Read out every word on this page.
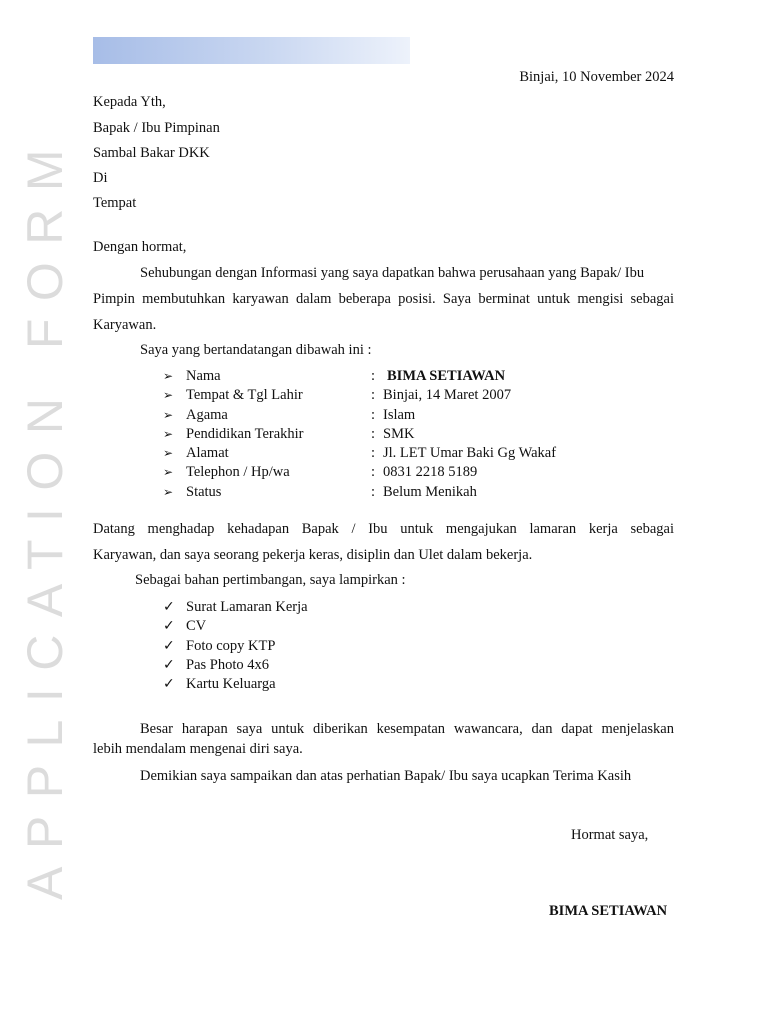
APPLICATION FORM
Binjai, 10 November 2024
Kepada Yth,
Bapak / Ibu Pimpinan
Sambal Bakar DKK
Di
Tempat
Dengan hormat,
Sehubungan dengan Informasi yang saya dapatkan bahwa perusahaan yang Bapak/ Ibu
Pimpin membutuhkan karyawan dalam beberapa posisi. Saya berminat untuk mengisi sebagai
Karyawan.
Saya yang bertandatangan dibawah ini :
➢ Nama	: BIMA SETIAWAN
➢ Tempat & Tgl Lahir	: Binjai, 14 Maret 2007
➢ Agama	: Islam
➢ Pendidikan Terakhir	: SMK
➢ Alamat	: Jl. LET Umar Baki Gg Wakaf
➢ Telephon / Hp/wa	: 0831 2218 5189
➢ Status	: Belum Menikah
Datang menghadap kehadapan Bapak / Ibu untuk mengajukan lamaran kerja sebagai
Karyawan, dan saya seorang pekerja keras, disiplin dan Ulet dalam bekerja.
Sebagai bahan pertimbangan, saya lampirkan :
✓ Surat Lamaran Kerja
✓ CV
✓ Foto copy KTP
✓ Pas Photo 4x6
✓ Kartu Keluarga
Besar harapan saya untuk diberikan kesempatan wawancara, dan dapat menjelaskan
lebih mendalam mengenai diri saya.
Demikian saya sampaikan dan atas perhatian Bapak/ Ibu saya ucapkan Terima Kasih
Hormat saya,
BIMA SETIAWAN
